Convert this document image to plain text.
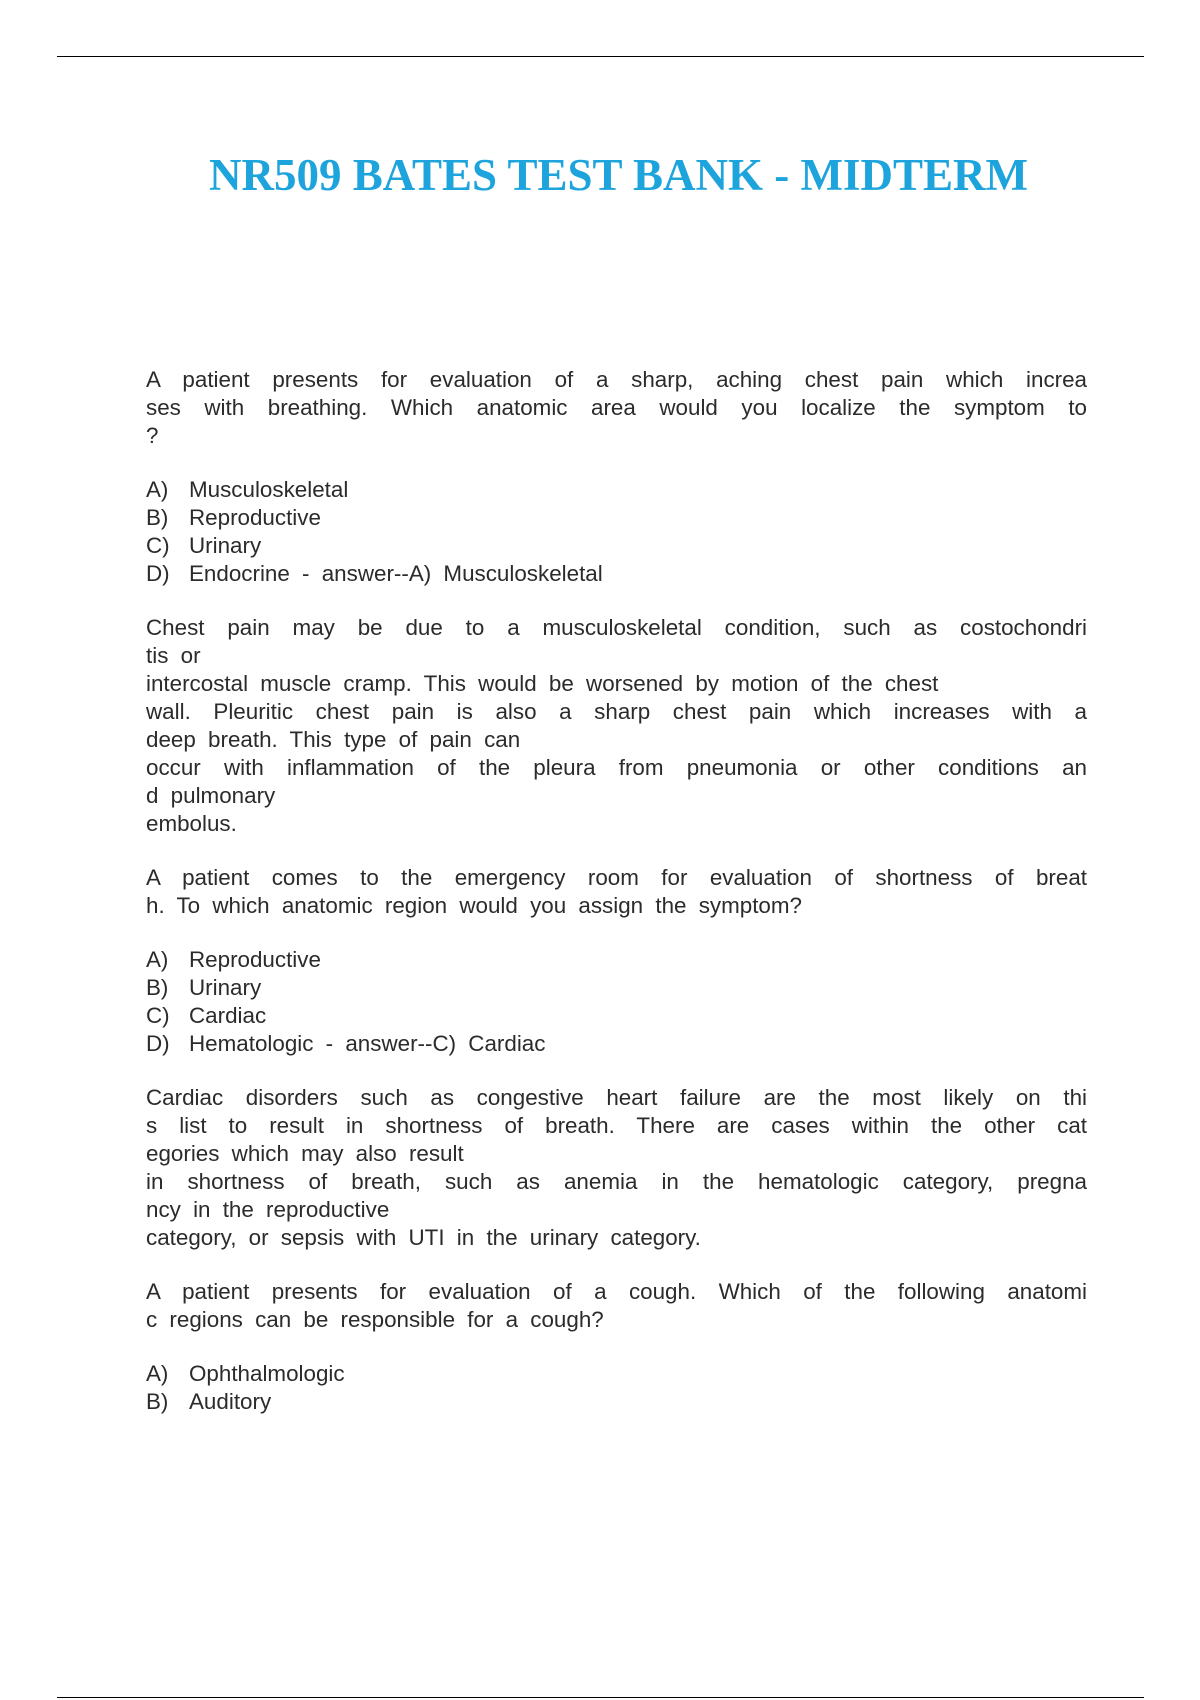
NR509 BATES TEST BANK - MIDTERM
A patient presents for evaluation of a sharp, aching chest pain which increa
ses with breathing. Which anatomic area would you localize the symptom to
?
A) Musculoskeletal
B) Reproductive
C) Urinary
D) Endocrine - answer--A) Musculoskeletal
Chest pain may be due to a musculoskeletal condition, such as costochondri
tis or
intercostal muscle cramp. This would be worsened by motion of the chest
wall. Pleuritic chest pain is also a sharp chest pain which increases with a
deep breath. This type of pain can
occur with inflammation of the pleura from pneumonia or other conditions an
d pulmonary
embolus.
A patient comes to the emergency room for evaluation of shortness of breat
h. To which anatomic region would you assign the symptom?
A) Reproductive
B) Urinary
C) Cardiac
D) Hematologic - answer--C) Cardiac
Cardiac disorders such as congestive heart failure are the most likely on thi
s list to result in shortness of breath. There are cases within the other cat
egories which may also result
in shortness of breath, such as anemia in the hematologic category, pregna
ncy in the reproductive
category, or sepsis with UTI in the urinary category.
A patient presents for evaluation of a cough. Which of the following anatomi
c regions can be responsible for a cough?
A) Ophthalmologic
B) Auditory
